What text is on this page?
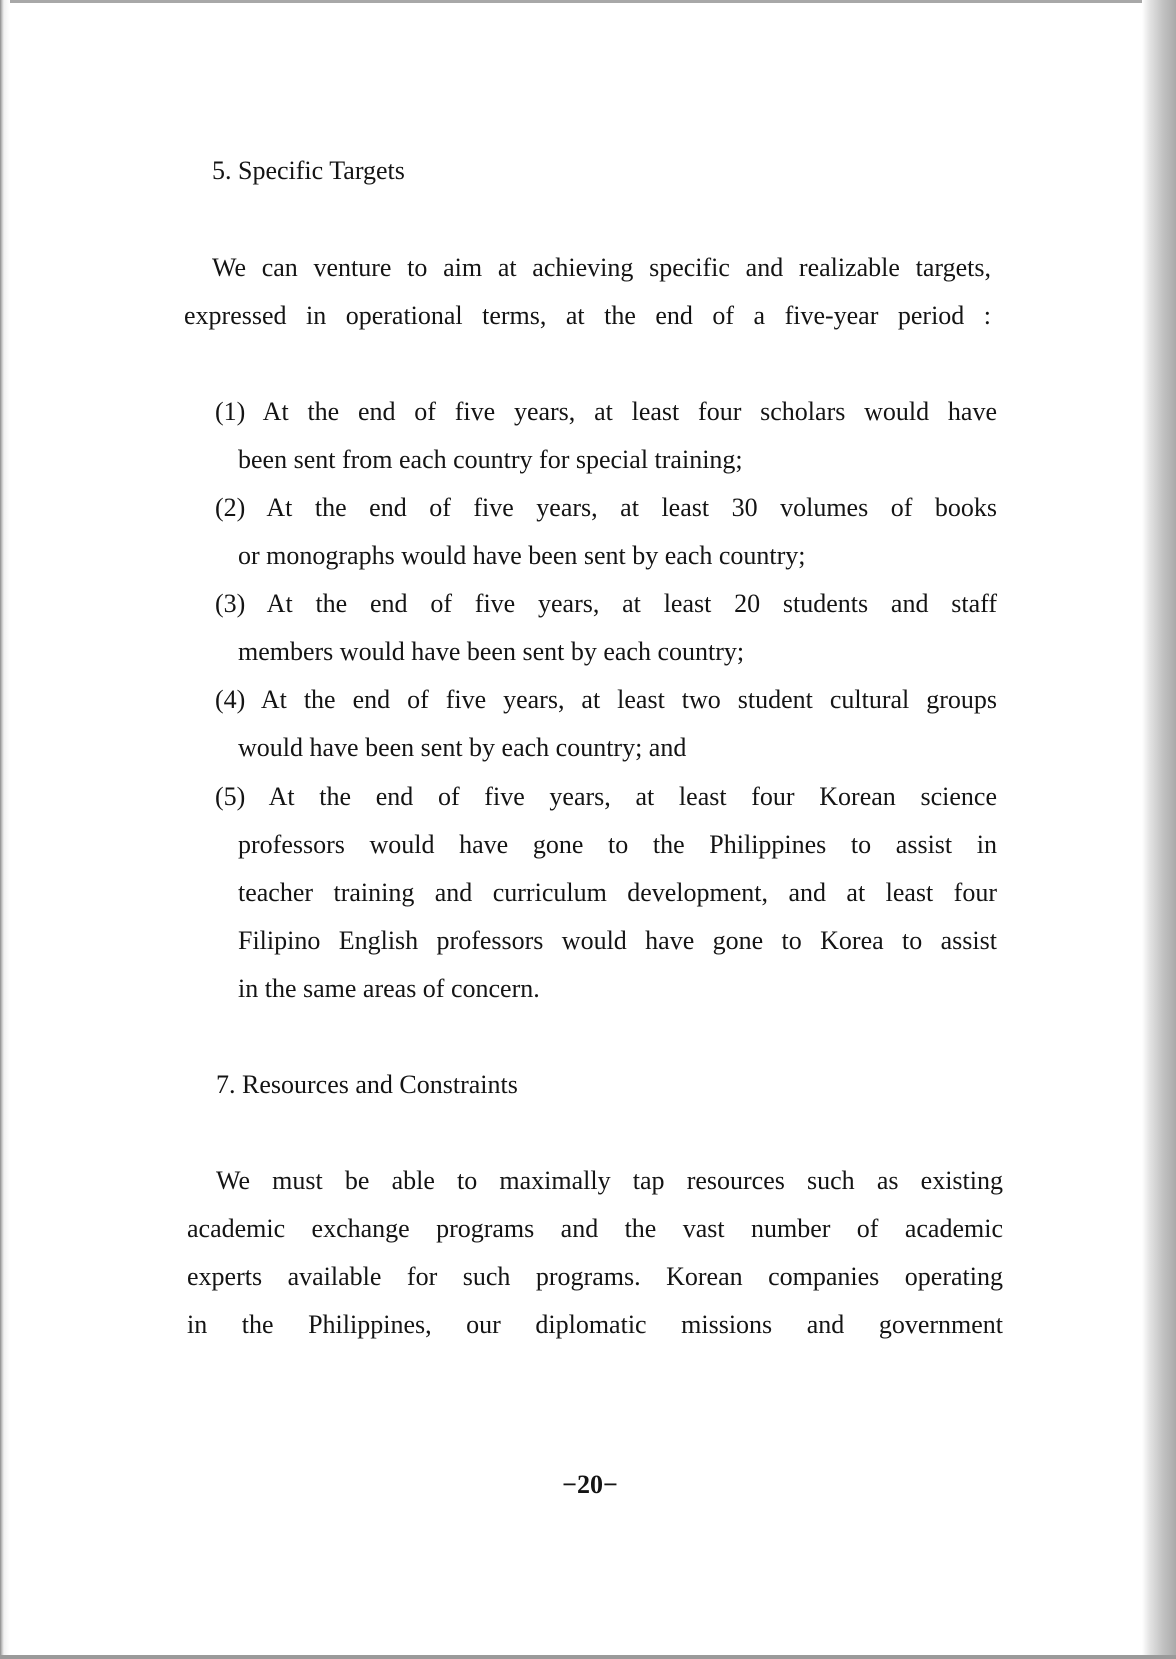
5. Specific Targets

We can venture to aim at achieving specific and realizable targets,

expressed in operational terms, at the end of a five-year period :

(1) At the end of five years, at least four scholars would have

been sent from each country for special training;

(2) At the end of five years, at least 30 volumes of books

or monographs would have been sent by each country;

(3) At the end of five years, at least 20 students and staff

members would have been sent by each country;

(4) At the end of five years, at least two student cultural groups

would have been sent by each country; and

(5) At the end of five years, at least four Korean science

professors would have gone to the Philippines to assist in

teacher training and curriculum development, and at least four

Filipino English professors would have gone to Korea to assist

in the same areas of concern.

7. Resources and Constraints

We must be able to maximally tap resources such as existing

academic exchange programs and the vast number of academic

experts available for such programs. Korean companies operating

in the Philippines, our diplomatic missions and government

−20−
